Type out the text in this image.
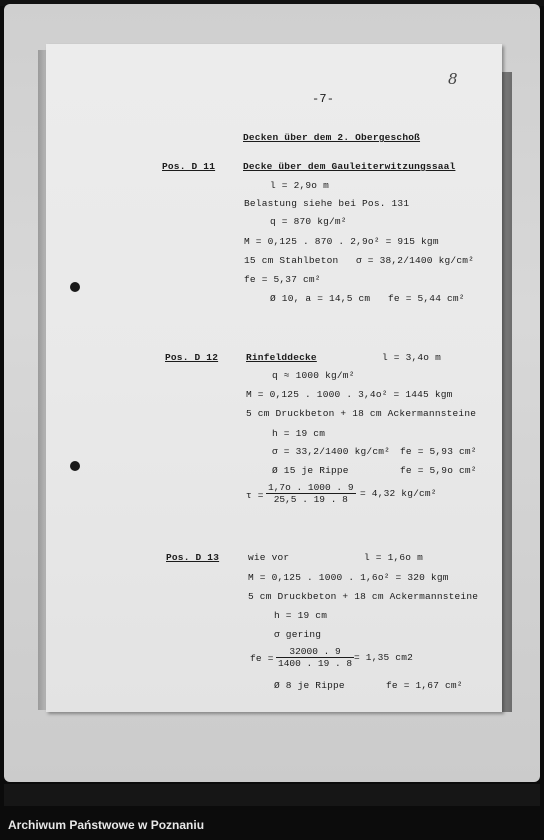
-7-
8
Decken über dem 2. Obergeschoß
Pos. D 11	Decke über dem Gauleiterwitzungssaal
l = 2,9o m
Belastung siehe bei Pos. 131
q = 870 kg/m²
M = 0,125 . 870 . 2,9o² = 915 kgm
15 cm Stahlbeton σ = 38,2/1400 kg/cm²
fe = 5,37 cm²
Ø 10, a = 14,5 cm fe = 5,44 cm²
Pos. D 12	Rinfelddecke	l = 3,4o m
q ≈ 1000 kg/m²
M = 0,125 . 1000 . 3,4o² = 1445 kgm
5 cm Druckbeton + 18 cm Ackermannsteine
h = 19 cm
σ = 33,2/1400 kg/cm² fe = 5,93 cm²
Ø 15 je Rippe	fe = 5,9o cm²
$\tau = \frac{1,7o . 1000 . 9}{25,5 . 19 . 8} = 4,32$ kg/cm²
Pos. D 13	wie vor	l = 1,6o m
M = 0,125 . 1000 . 1,6o² = 320 kgm
5 cm Druckbeton + 18 cm Ackermannsteine
h = 19 cm
σ gering
fe = $\frac{32000 . 9}{1400 . 19 . 8} = 1,35$ cm2
Ø 8 je Rippe	fe = 1,67 cm²
Archiwum Państwowe w Poznaniu
